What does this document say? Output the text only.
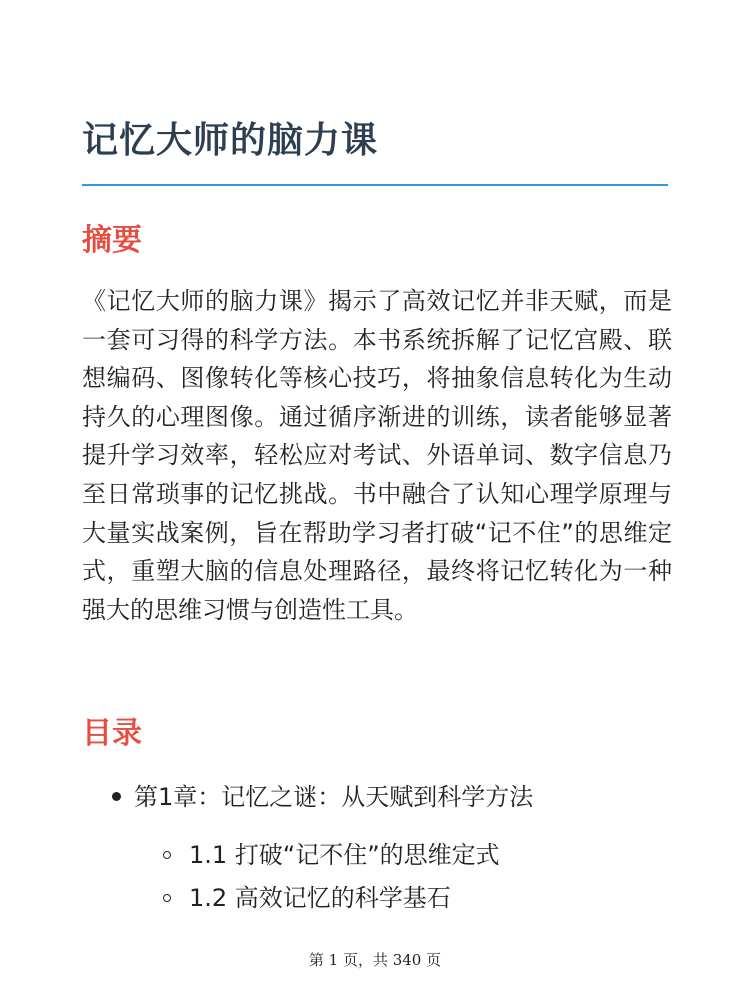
记忆大师的脑力课
摘要

《记忆大师的脑力课》揭示了高效记忆并非天赋，而是一套可习得的科学方法。本书系统拆解了记忆宫殿、联想编码、图像转化等核心技巧，将抽象信息转化为生动持久的心理图像。通过循序渐进的训练，读者能够显著提升学习效率，轻松应对考试、外语单词、数字信息乃至日常琐事的记忆挑战。书中融合了认知心理学原理与大量实战案例，旨在帮助学习者打破“记不住”的思维定式，重塑大脑的信息处理路径，最终将记忆转化为一种强大的思维习惯与创造性工具。

目录
第1章：记忆之谜：从天赋到科学方法
1.1 打破“记不住”的思维定式
1.2 高效记忆的科学基石
第 1 页，共 340 页
